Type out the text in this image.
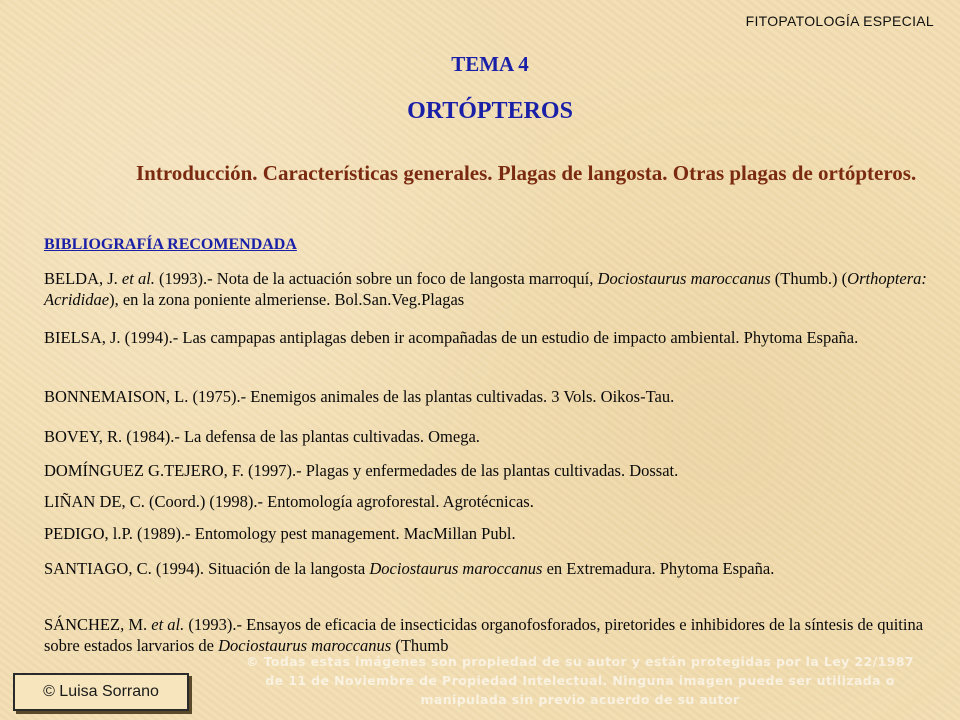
FITOPATOLOGÍA ESPECIAL
TEMA 4
ORTÓPTEROS
Introducción. Características generales. Plagas de langosta. Otras plagas de ortópteros.
BIBLIOGRAFÍA RECOMENDADA
BELDA, J. et al. (1993).- Nota de la actuación sobre un foco de langosta marroquí, Dociostaurus maroccanus (Thumb.) (Orthoptera: Acrididae), en la zona poniente almeriense. Bol.San.Veg.Plagas
BIELSA, J. (1994).- Las campapas antiplagas deben ir acompañadas de un estudio de impacto ambiental. Phytoma España.
BONNEMAISON, L. (1975).- Enemigos animales de las plantas cultivadas. 3 Vols. Oikos-Tau.
BOVEY, R. (1984).- La defensa de las plantas cultivadas. Omega.
DOMÍNGUEZ G.TEJERO, F. (1997).- Plagas y enfermedades de las plantas cultivadas. Dossat.
LIÑAN DE, C. (Coord.) (1998).- Entomología agroforestal. Agrotécnicas.
PEDIGO, l.P. (1989).- Entomology pest management. MacMillan Publ.
SANTIAGO, C. (1994). Situación de la langosta Dociostaurus maroccanus en Extremadura. Phytoma España.
SÁNCHEZ, M. et al. (1993).- Ensayos de eficacia de insecticidas organofosforados, piretorides e inhibidores de la síntesis de quitina sobre estados larvarios de Dociostaurus maroccanus (Thumb
© Luisa Sorrano
© Todas estas imágenes son propiedad de su autor y están protegidas por la Ley 22/1987
de 11 de Noviembre de Propiedad Intelectual. Ninguna imagen puede ser utilizada o
manipulada sin previo acuerdo de su autor
